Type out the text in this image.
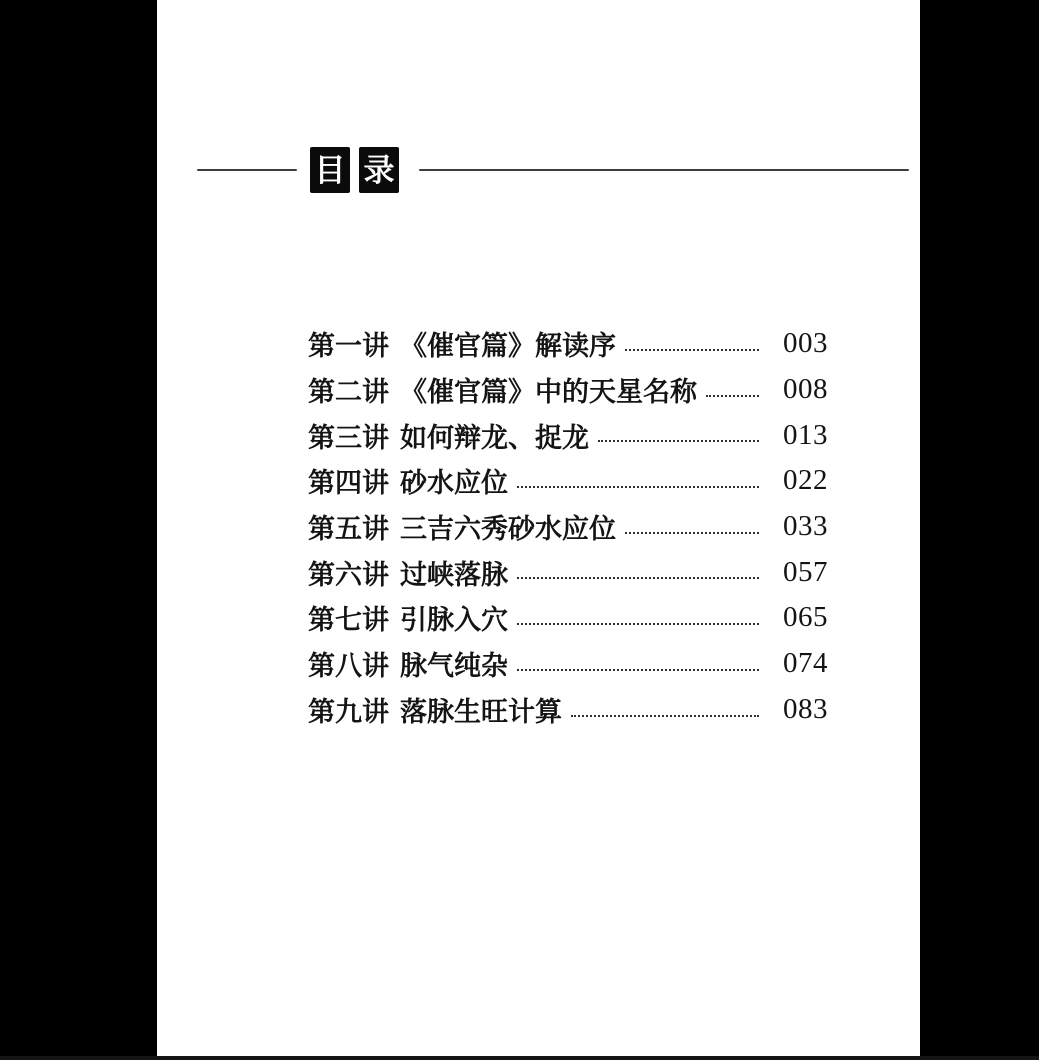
目 录
第一讲 《催官篇》解读序	003
第二讲 《催官篇》中的天星名称	008
第三讲 如何辩龙、捉龙	013
第四讲 砂水应位	022
第五讲 三吉六秀砂水应位	033
第六讲 过峡落脉	057
第七讲 引脉入穴	065
第八讲 脉气纯杂	074
第九讲 落脉生旺计算	083
